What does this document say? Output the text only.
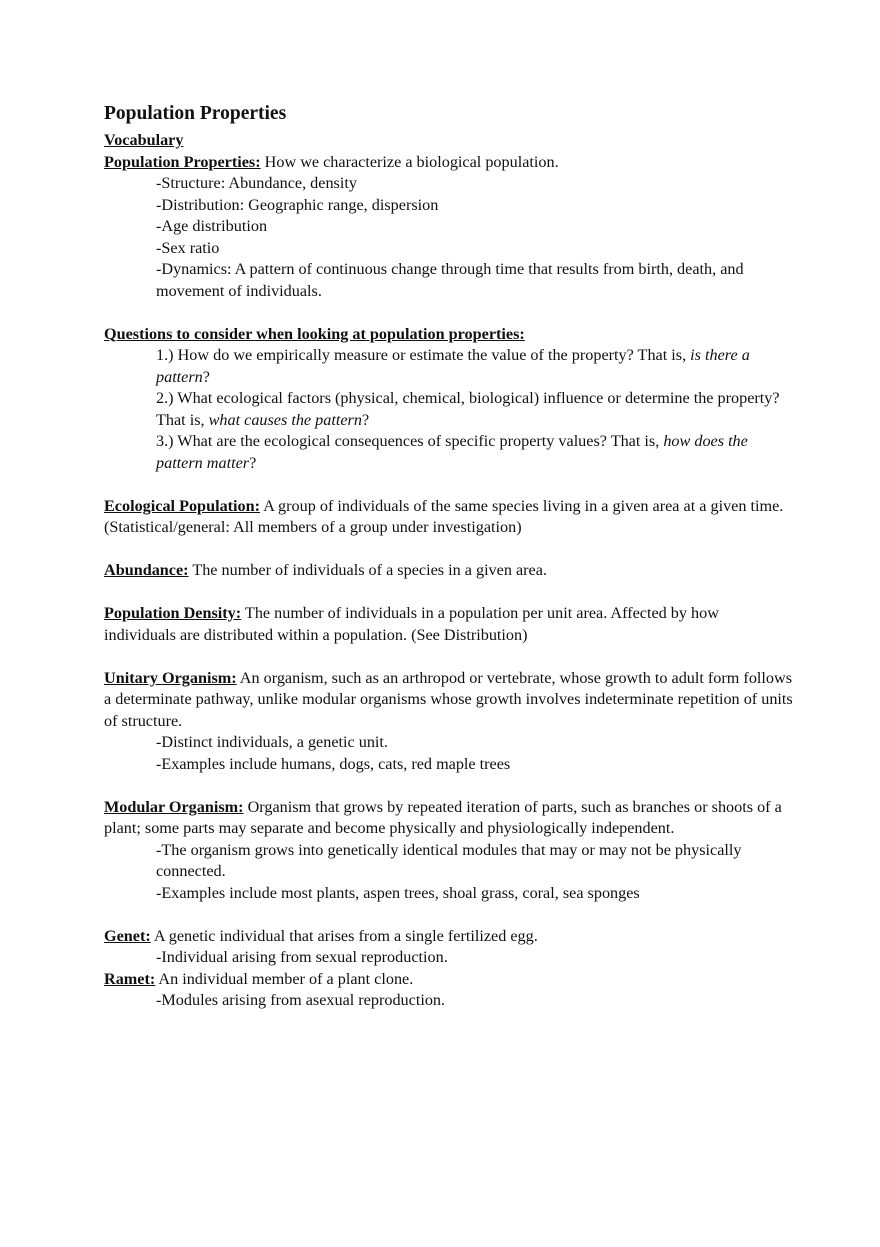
Population Properties

Vocabulary

Population Properties: How we characterize a biological population.

-Structure: Abundance, density

-Distribution: Geographic range, dispersion

-Age distribution

-Sex ratio

-Dynamics: A pattern of continuous change through time that results from birth, death, and movement of individuals.

Questions to consider when looking at population properties:

1.) How do we empirically measure or estimate the value of the property? That is, is there a pattern?

2.) What ecological factors (physical, chemical, biological) influence or determine the property? That is, what causes the pattern?

3.) What are the ecological consequences of specific property values? That is, how does the pattern matter?

Ecological Population: A group of individuals of the same species living in a given area at a given time. (Statistical/general: All members of a group under investigation)

Abundance: The number of individuals of a species in a given area.

Population Density: The number of individuals in a population per unit area. Affected by how individuals are distributed within a population. (See Distribution)

Unitary Organism: An organism, such as an arthropod or vertebrate, whose growth to adult form follows a determinate pathway, unlike modular organisms whose growth involves indeterminate repetition of units of structure.

-Distinct individuals, a genetic unit.

-Examples include humans, dogs, cats, red maple trees

Modular Organism: Organism that grows by repeated iteration of parts, such as branches or shoots of a plant; some parts may separate and become physically and physiologically independent.

-The organism grows into genetically identical modules that may or may not be physically connected.

-Examples include most plants, aspen trees, shoal grass, coral, sea sponges

Genet: A genetic individual that arises from a single fertilized egg.

-Individual arising from sexual reproduction.

Ramet: An individual member of a plant clone.

-Modules arising from asexual reproduction.
